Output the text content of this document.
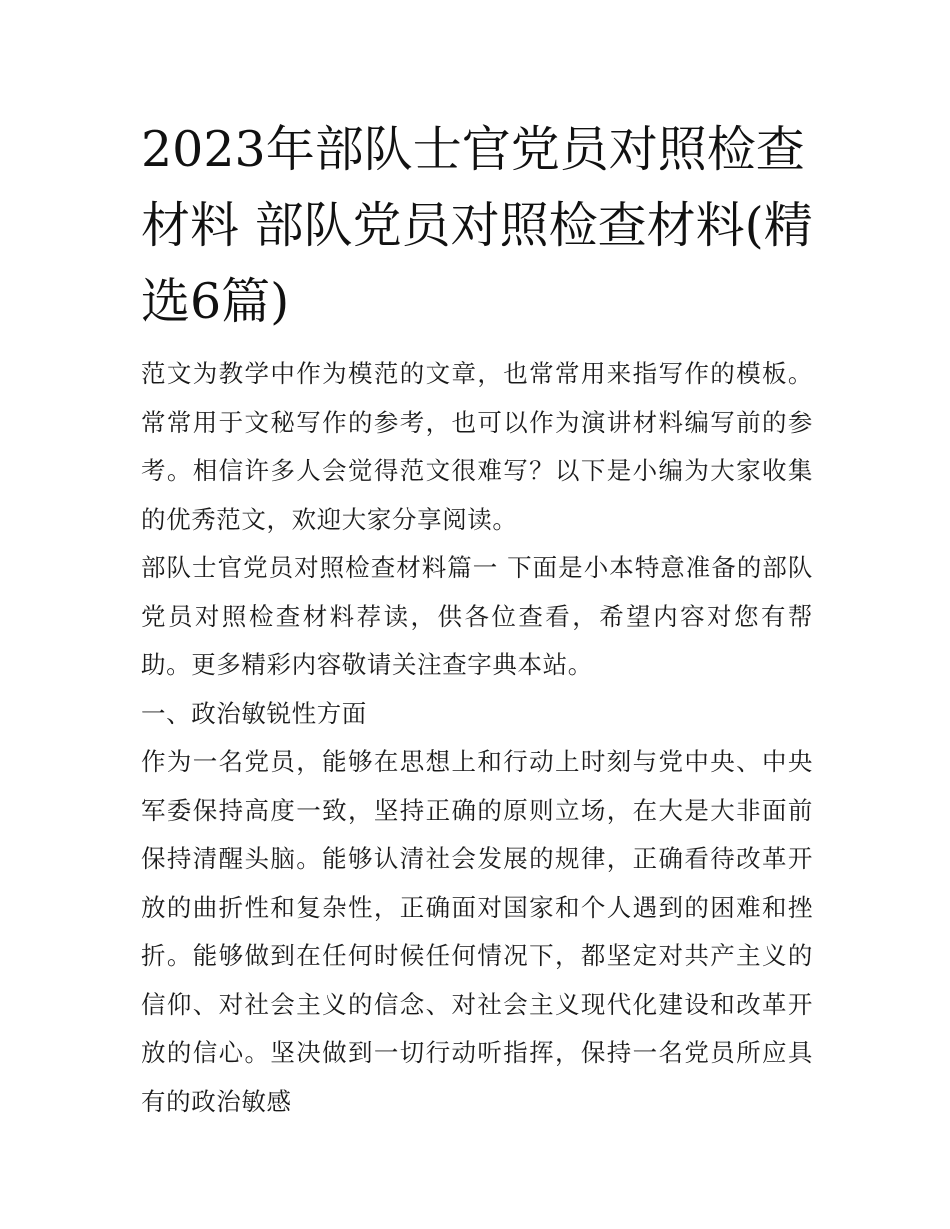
2023年部队士官党员对照检查材料 部队党员对照检查材料(精选6篇)

范文为教学中作为模范的文章，也常常用来指写作的模板。常常用于文秘写作的参考，也可以作为演讲材料编写前的参考。相信许多人会觉得范文很难写？以下是小编为大家收集的优秀范文，欢迎大家分享阅读。

部队士官党员对照检查材料篇一 下面是小本特意准备的部队党员对照检查材料荐读，供各位查看，希望内容对您有帮助。更多精彩内容敬请关注查字典本站。

一、政治敏锐性方面

作为一名党员，能够在思想上和行动上时刻与党中央、中央军委保持高度一致，坚持正确的原则立场，在大是大非面前保持清醒头脑。能够认清社会发展的规律，正确看待改革开放的曲折性和复杂性，正确面对国家和个人遇到的困难和挫折。能够做到在任何时候任何情况下，都坚定对共产主义的信仰、对社会主义的信念、对社会主义现代化建设和改革开放的信心。坚决做到一切行动听指挥，保持一名党员所应具有的政治敏感
